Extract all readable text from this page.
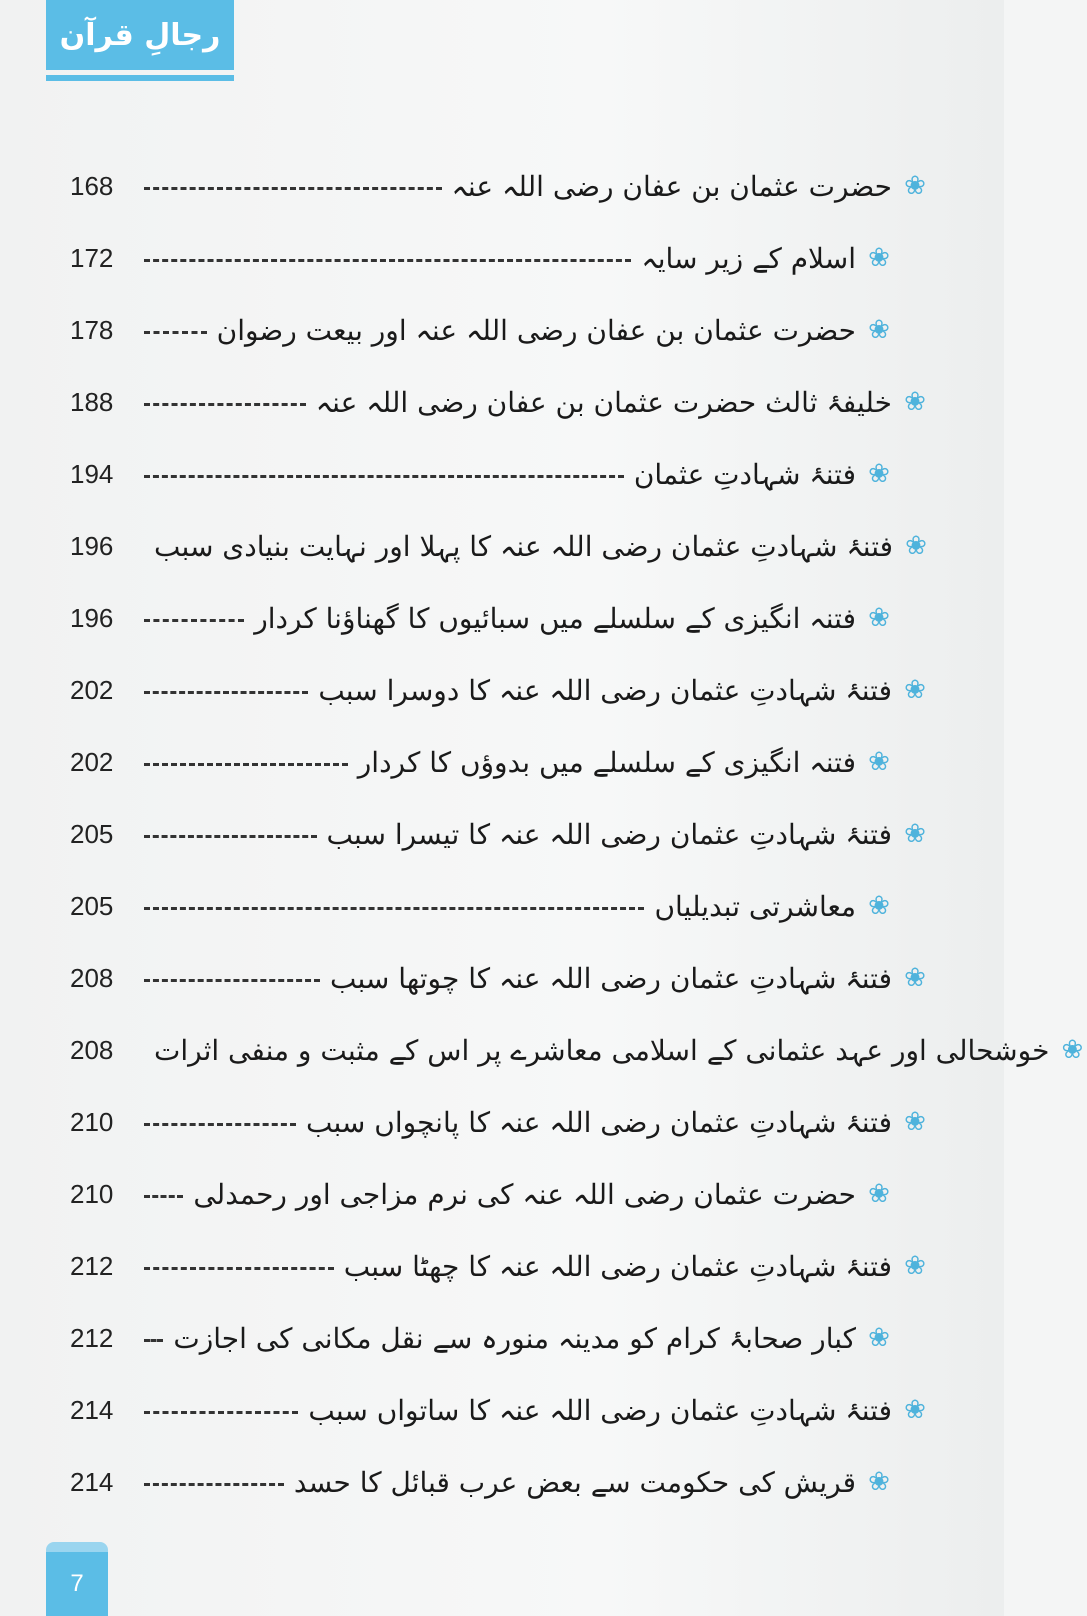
رجالِ قرآن
168	حضرت عثمان بن عفان رضی اللہ عنہ ❀
172	اسلام کے زیر سایہ ❀
178	حضرت عثمان بن عفان رضی اللہ عنہ اور بیعت رضوان ❀
188	خلیفۂ ثالث حضرت عثمان بن عفان رضی اللہ عنہ ❀
194	فتنۂ شہادتِ عثمان ❀
196	فتنۂ شہادتِ عثمان رضی اللہ عنہ کا پہلا اور نہایت بنیادی سبب ❀
196	فتنہ انگیزی کے سلسلے میں سبائیوں کا گھناؤنا کردار ❀
202	فتنۂ شہادتِ عثمان رضی اللہ عنہ کا دوسرا سبب ❀
202	فتنہ انگیزی کے سلسلے میں بدوؤں کا کردار ❀
205	فتنۂ شہادتِ عثمان رضی اللہ عنہ کا تیسرا سبب ❀
205	معاشرتی تبدیلیاں ❀
208	فتنۂ شہادتِ عثمان رضی اللہ عنہ کا چوتھا سبب ❀
208	خوشحالی اور عہد عثمانی کے اسلامی معاشرے پر اس کے مثبت و منفی اثرات ❀
210	فتنۂ شہادتِ عثمان رضی اللہ عنہ کا پانچواں سبب ❀
210	حضرت عثمان رضی اللہ عنہ کی نرم مزاجی اور رحمدلی ❀
212	فتنۂ شہادتِ عثمان رضی اللہ عنہ کا چھٹا سبب ❀
212	کبار صحابۂ کرام کو مدینہ منورہ سے نقل مکانی کی اجازت ❀
214	فتنۂ شہادتِ عثمان رضی اللہ عنہ کا ساتواں سبب ❀
214	قریش کی حکومت سے بعض عرب قبائل کا حسد ❀
7
